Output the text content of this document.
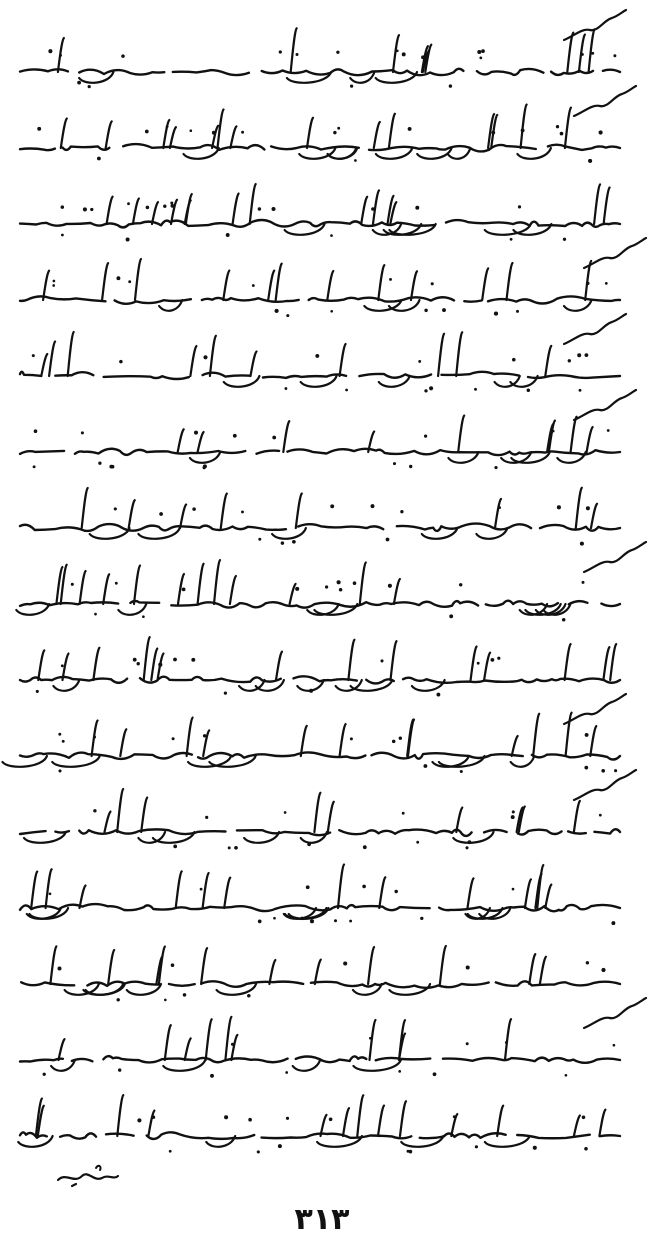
٣١٣
